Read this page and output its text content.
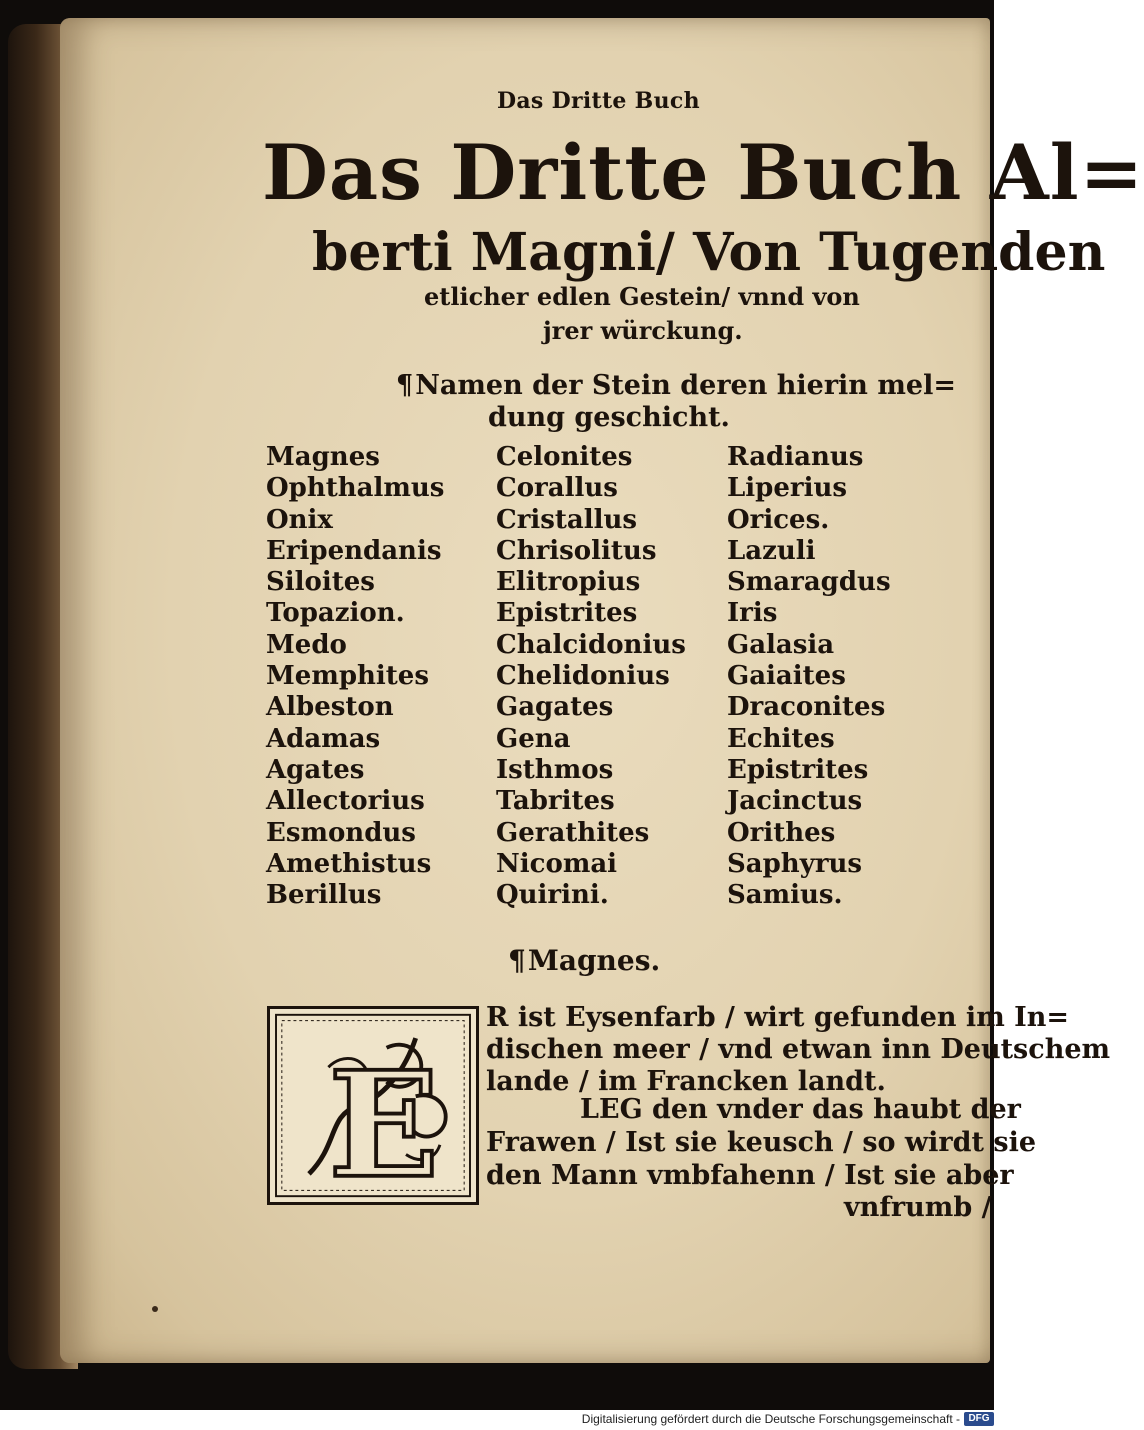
Das Dritte Buch
Das Dritte Buch Al=
berti Magni/ Von Tugenden
etlicher edlen Gestein/ vnnd von
jrer würckung.
¶Namen der Stein deren hierin mel=
dung geschicht.
Magnes
Ophthalmus
Onix
Eripendanis
Siloites
Topazion.
Medo
Memphites
Albeston
Adamas
Agates
Allectorius
Esmondus
Amethistus
Berillus
Celonites
Corallus
Cristallus
Chrisolitus
Elitropius
Epistrites
Chalcidonius
Chelidonius
Gagates
Gena
Isthmos
Tabrites
Gerathites
Nicomai
Quirini.
Radianus
Liperius
Orices.
Lazuli
Smaragdus
Iris
Galasia
Gaiaites
Draconites
Echites
Epistrites
Jacinctus
Orithes
Saphyrus
Samius.
¶Magnes.
E
R ist Eysenfarb / wirt gefunden im In=
dischen meer / vnd etwan inn Deutschem
lande / im Francken landt.
LEG den vnder das haubt der
Frawen / Ist sie keusch / so wirdt sie
den Mann vmbfahenn / Ist sie aber
vnfrumb /
Digitalisierung gefördert durch die Deutsche Forschungsgemeinschaft - DFG
